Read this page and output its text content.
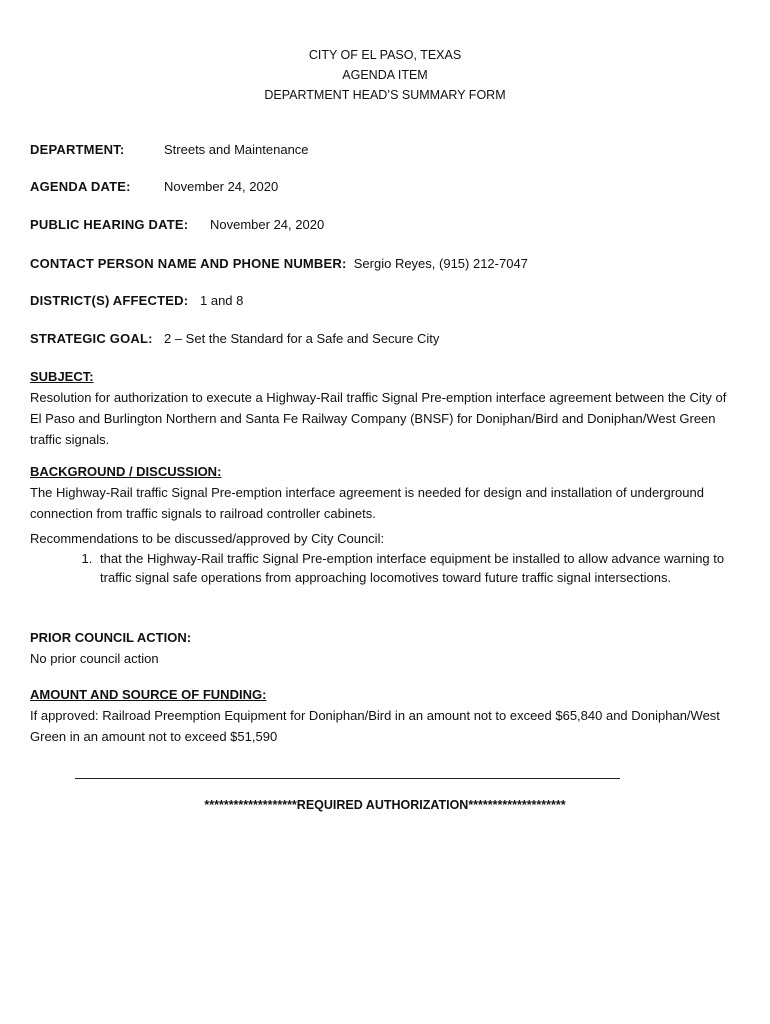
CITY OF EL PASO, TEXAS
AGENDA ITEM
DEPARTMENT HEAD’S SUMMARY FORM
DEPARTMENT:	Streets and Maintenance
AGENDA DATE:	November 24, 2020
PUBLIC HEARING DATE: November 24, 2020
CONTACT PERSON NAME AND PHONE NUMBER: Sergio Reyes, (915) 212-7047
DISTRICT(S) AFFECTED: 1 and 8
STRATEGIC GOAL: 2 – Set the Standard for a Safe and Secure City
SUBJECT:
Resolution for authorization to execute a Highway-Rail traffic Signal Pre-emption interface agreement between the City of El Paso and Burlington Northern and Santa Fe Railway Company (BNSF) for Doniphan/Bird and Doniphan/West Green traffic signals.
BACKGROUND / DISCUSSION:
The Highway-Rail traffic Signal Pre-emption interface agreement is needed for design and installation of underground connection from traffic signals to railroad controller cabinets.
Recommendations to be discussed/approved by City Council:
1. that the Highway-Rail traffic Signal Pre-emption interface equipment be installed to allow advance warning to traffic signal safe operations from approaching locomotives toward future traffic signal intersections.
PRIOR COUNCIL ACTION:
No prior council action
AMOUNT AND SOURCE OF FUNDING:
If approved: Railroad Preemption Equipment for Doniphan/Bird in an amount not to exceed $65,840 and Doniphan/West Green in an amount not to exceed $51,590
*******************REQUIRED AUTHORIZATION********************
